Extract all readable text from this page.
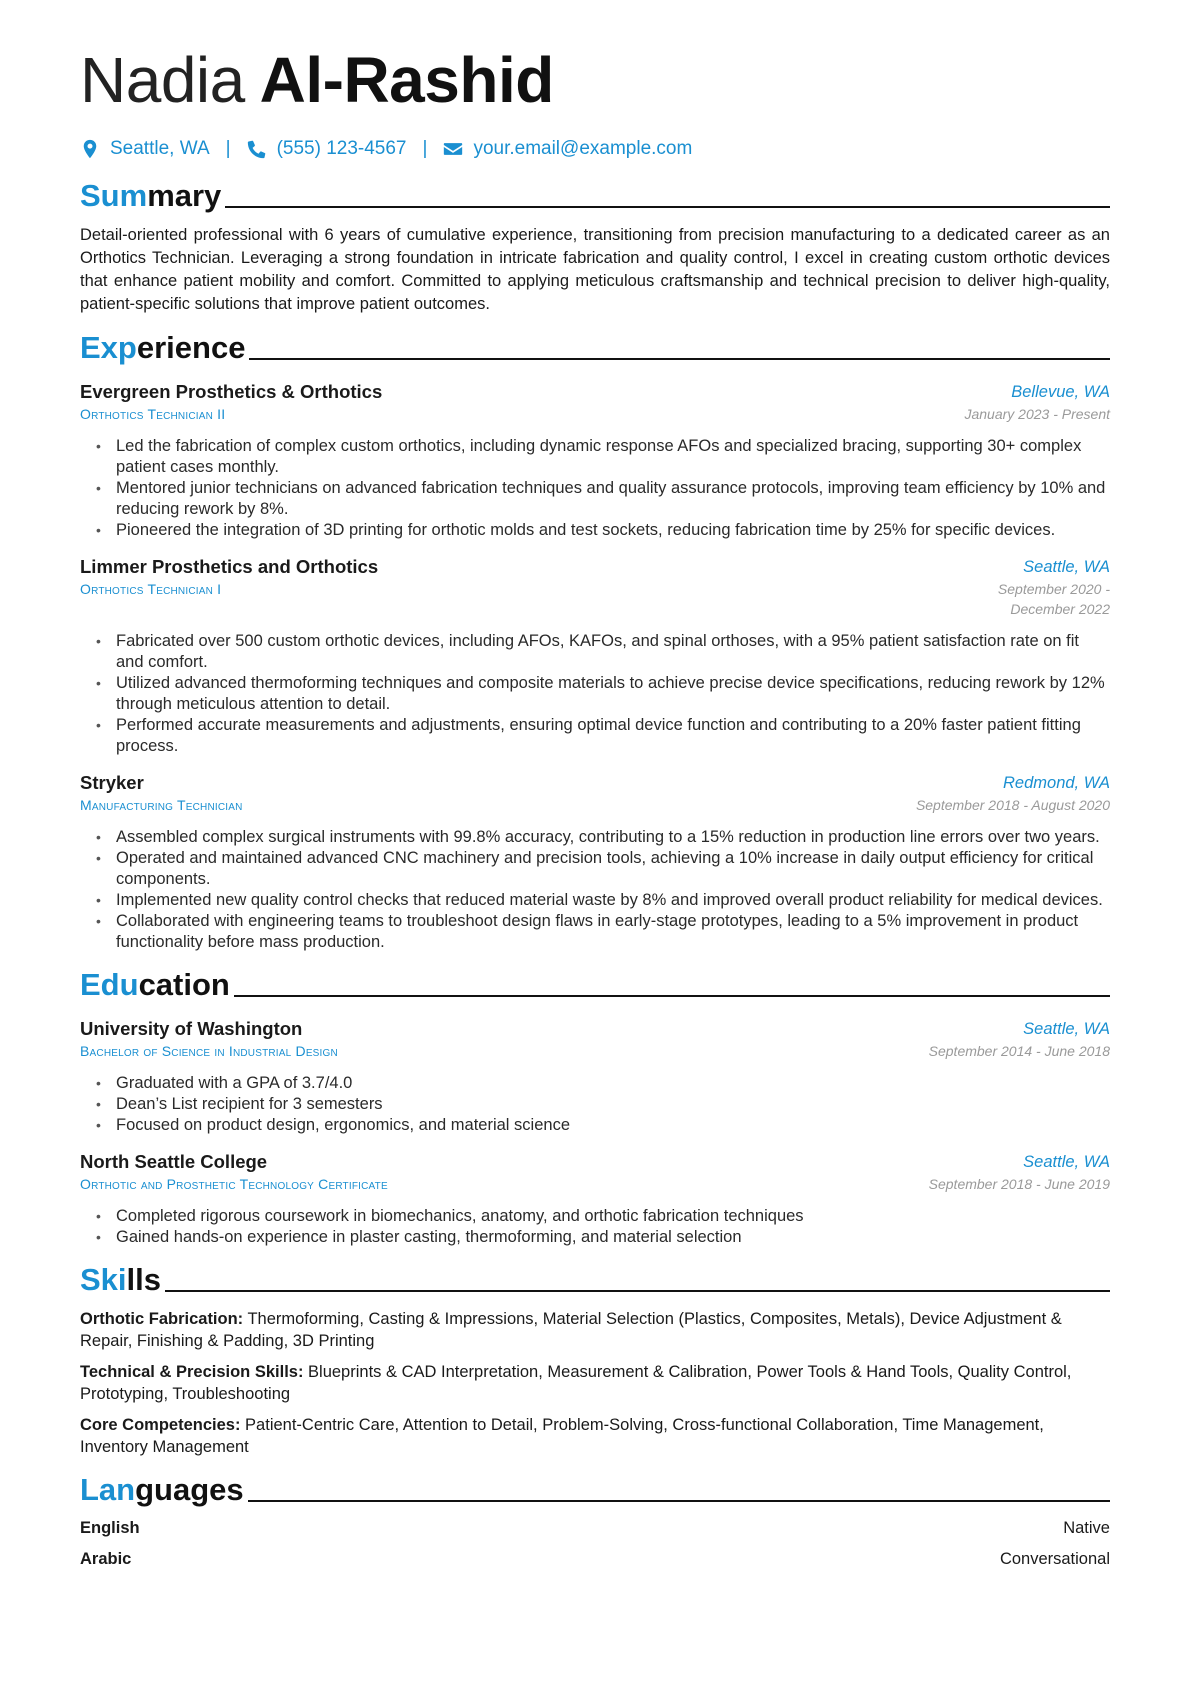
Nadia Al-Rashid
Seattle, WA | (555) 123-4567 | your.email@example.com
Summary
Detail-oriented professional with 6 years of cumulative experience, transitioning from precision manufacturing to a dedicated career as an Orthotics Technician. Leveraging a strong foundation in intricate fabrication and quality control, I excel in creating custom orthotic devices that enhance patient mobility and comfort. Committed to applying meticulous craftsmanship and technical precision to deliver high-quality, patient-specific solutions that improve patient outcomes.
Experience
Evergreen Prosthetics & Orthotics	Bellevue, WA
Orthotics Technician II	January 2023 - Present
• Led the fabrication of complex custom orthotics, including dynamic response AFOs and specialized bracing, supporting 30+ complex patient cases monthly.
• Mentored junior technicians on advanced fabrication techniques and quality assurance protocols, improving team efficiency by 10% and reducing rework by 8%.
• Pioneered the integration of 3D printing for orthotic molds and test sockets, reducing fabrication time by 25% for specific devices.
Limmer Prosthetics and Orthotics	Seattle, WA
Orthotics Technician I	September 2020 - December 2022
• Fabricated over 500 custom orthotic devices, including AFOs, KAFOs, and spinal orthoses, with a 95% patient satisfaction rate on fit and comfort.
• Utilized advanced thermoforming techniques and composite materials to achieve precise device specifications, reducing rework by 12% through meticulous attention to detail.
• Performed accurate measurements and adjustments, ensuring optimal device function and contributing to a 20% faster patient fitting process.
Stryker	Redmond, WA
Manufacturing Technician	September 2018 - August 2020
• Assembled complex surgical instruments with 99.8% accuracy, contributing to a 15% reduction in production line errors over two years.
• Operated and maintained advanced CNC machinery and precision tools, achieving a 10% increase in daily output efficiency for critical components.
• Implemented new quality control checks that reduced material waste by 8% and improved overall product reliability for medical devices.
• Collaborated with engineering teams to troubleshoot design flaws in early-stage prototypes, leading to a 5% improvement in product functionality before mass production.
Education
University of Washington	Seattle, WA
Bachelor of Science in Industrial Design	September 2014 - June 2018
• Graduated with a GPA of 3.7/4.0
• Dean’s List recipient for 3 semesters
• Focused on product design, ergonomics, and material science
North Seattle College	Seattle, WA
Orthotic and Prosthetic Technology Certificate	September 2018 - June 2019
• Completed rigorous coursework in biomechanics, anatomy, and orthotic fabrication techniques
• Gained hands-on experience in plaster casting, thermoforming, and material selection
Skills
Orthotic Fabrication: Thermoforming, Casting & Impressions, Material Selection (Plastics, Composites, Metals), Device Adjustment & Repair, Finishing & Padding, 3D Printing
Technical & Precision Skills: Blueprints & CAD Interpretation, Measurement & Calibration, Power Tools & Hand Tools, Quality Control, Prototyping, Troubleshooting
Core Competencies: Patient-Centric Care, Attention to Detail, Problem-Solving, Cross-functional Collaboration, Time Management, Inventory Management
Languages
English	Native
Arabic	Conversational
